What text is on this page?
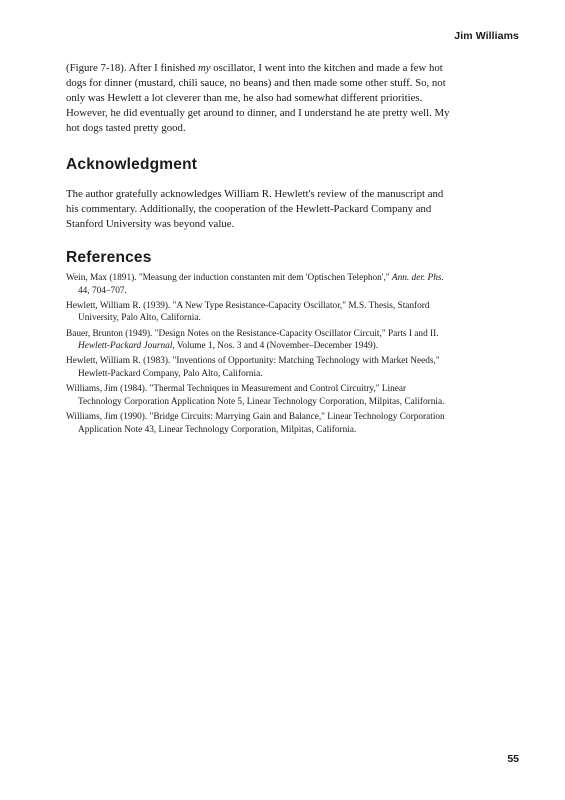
Jim Williams

(Figure 7-18). After I finished my oscillator, I went into the kitchen and made a few hot dogs for dinner (mustard, chili sauce, no beans) and then made some other stuff. So, not only was Hewlett a lot cleverer than me, he also had somewhat different priorities. However, he did eventually get around to dinner, and I understand he ate pretty well. My hot dogs tasted pretty good.

Acknowledgment

The author gratefully acknowledges William R. Hewlett's review of the manuscript and his commentary. Additionally, the cooperation of the Hewlett-Packard Company and Stanford University was beyond value.

References
Wein, Max (1891). "Measung der induction constanten mit dem 'Optischen Telephon'," Ann. der. Phs. 44, 704–707.
Hewlett, William R. (1939). "A New Type Resistance-Capacity Oscillator," M.S. Thesis, Stanford University, Palo Alto, California.
Bauer, Brunton (1949). "Design Notes on the Resistance-Capacity Oscillator Circuit," Parts I and II. Hewlett-Packard Journal, Volume 1, Nos. 3 and 4 (November–December 1949).
Hewlett, William R. (1983). "Inventions of Opportunity: Matching Technology with Market Needs," Hewlett-Packard Company, Palo Alto, California.
Williams, Jim (1984). "Thermal Techniques in Measurement and Control Circuitry," Linear Technology Corporation Application Note 5, Linear Technology Corporation, Milpitas, California.
Williams, Jim (1990). "Bridge Circuits: Marrying Gain and Balance," Linear Technology Corporation Application Note 43, Linear Technology Corporation, Milpitas, California.
55
